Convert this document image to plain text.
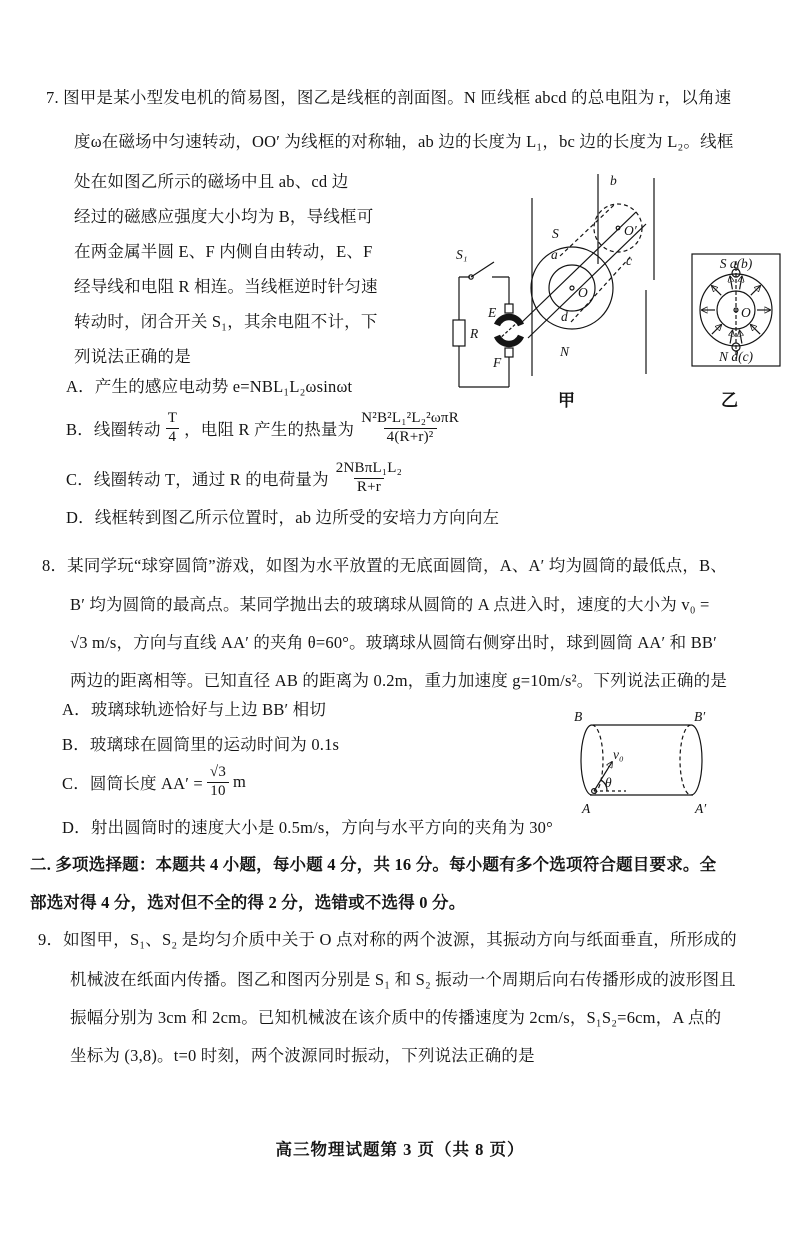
7. 图甲是某小型发电机的简易图，图乙是线框的剖面图。N 匝线框 abcd 的总电阻为 r，以角速
度ω在磁场中匀速转动，OO′ 为线框的对称轴，ab 边的长度为 L₁，bc 边的长度为 L₂。线框
处在如图乙所示的磁场中且 ab、cd 边
经过的磁感应强度大小均为 B，导线框可
在两金属半圆 E、F 内侧自由转动，E、F
经导线和电阻 R 相连。当线框逆时针匀速
转动时，闭合开关 S₁，其余电阻不计，下
列说法正确的是
A．产生的感应电动势 e=NBL₁L₂ωsinωt
B．线圈转动 $\frac{T}{4}$ ，电阻 R 产生的热量为 $\frac{\text{N²B²L₁²L₂²ωπR}}{\text{4(R+r)²}}$
C．线圈转动 T，通过 R 的电荷量为 $\frac{\text{2NBπL₁L₂}}{R+r}$
D．线框转到图乙所示位置时，ab 边所受的安培力方向向左
S₁
R
E
F
S
N
a
b
c
d
O
O′
S a(b)
N d(c)
O
甲	乙
8．某同学玩“球穿圆筒”游戏，如图为水平放置的无底面圆筒，A、A′ 均为圆筒的最低点，B、
B′ 均为圆筒的最高点。某同学抛出去的玻璃球从圆筒的 A 点进入时，速度的大小为 v₀ =
√3 m/s，方向与直线 AA′ 的夹角 θ=60°。玻璃球从圆筒右侧穿出时，球到圆筒 AA′ 和 BB′
两边的距离相等。已知直径 AB 的距离为 0.2m，重力加速度 g=10m/s²。下列说法正确的是
A．玻璃球轨迹恰好与上边 BB′ 相切
B．玻璃球在圆筒里的运动时间为 0.1s
C．圆筒长度 $AA' = \frac{√3}{10}$ m
D．射出圆筒时的速度大小是 0.5m/s，方向与水平方向的夹角为 30°
B	B′
A	A′
v₀
θ
二. 多项选择题：本题共 4 小题，每小题 4 分，共 16 分。每小题有多个选项符合题目要求。全
部选对得 4 分，选对但不全的得 2 分，选错或不选得 0 分。
9．如图甲，S₁、S₂ 是均匀介质中关于 O 点对称的两个波源，其振动方向与纸面垂直，所形成的
机械波在纸面内传播。图乙和图丙分别是 S₁ 和 S₂ 振动一个周期后向右传播形成的波形图且
振幅分别为 3cm 和 2cm。已知机械波在该介质中的传播速度为 2cm/s，S₁S₂=6cm，A 点的
坐标为 (3,8)。t=0 时刻，两个波源同时振动，下列说法正确的是
高三物理试题第 3 页（共 8 页）
